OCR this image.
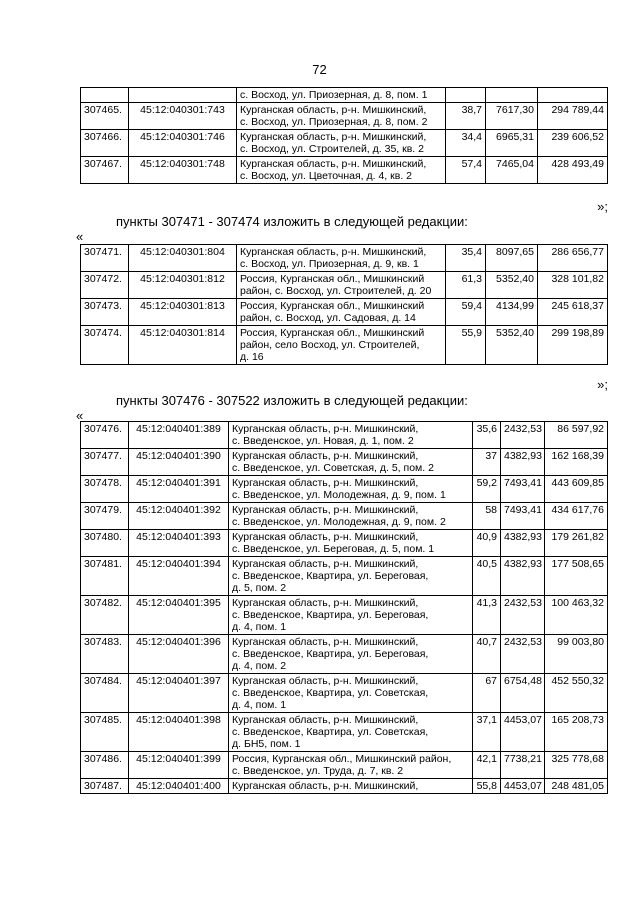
72

		с. Восход, ул. Приозерная, д. 8, пом. 1			

307465.	45:12:040301:743	Курганская область, р-н. Мишкинский,
с. Восход, ул. Приозерная, д. 8, пом. 2	38,7	7617,30	294 789,44
307466.	45:12:040301:746	Курганская область, р-н. Мишкинский,
с. Восход, ул. Строителей, д. 35, кв. 2	34,4	6965,31	239 606,52
307467.	45:12:040301:748	Курганская область, р-н. Мишкинский,
с. Восход, ул. Цветочная, д. 4, кв. 2	57,4	7465,04	428 493,49
»;
пункты 307471 - 307474 изложить в следующей редакции:
«
307471.	45:12:040301:804	Курганская область, р-н. Мишкинский,
с. Восход, ул. Приозерная, д. 9, кв. 1	35,4	8097,65	286 656,77
307472.	45:12:040301:812	Россия, Курганская обл., Мишкинский
район, с. Восход, ул. Строителей, д. 20	61,3	5352,40	328 101,82
307473.	45:12:040301:813	Россия, Курганская обл., Мишкинский
район, с. Восход, ул. Садовая, д. 14	59,4	4134,99	245 618,37
307474.	45:12:040301:814	Россия, Курганская обл., Мишкинский
район, село Восход, ул. Строителей,
д. 16	55,9	5352,40	299 198,89
»;
пункты 307476 - 307522 изложить в следующей редакции:
«
307476.	45:12:040401:389	Курганская область, р-н. Мишкинский,
с. Введенское, ул. Новая, д. 1, пом. 2	35,6	2432,53	86 597,92
307477.	45:12:040401:390	Курганская область, р-н. Мишкинский,
с. Введенское, ул. Советская, д. 5, пом. 2	37	4382,93	162 168,39
307478.	45:12:040401:391	Курганская область, р-н. Мишкинский,
с. Введенское, ул. Молодежная, д. 9, пом. 1	59,2	7493,41	443 609,85
307479.	45:12:040401:392	Курганская область, р-н. Мишкинский,
с. Введенское, ул. Молодежная, д. 9, пом. 2	58	7493,41	434 617,76
307480.	45:12:040401:393	Курганская область, р-н. Мишкинский,
с. Введенское, ул. Береговая, д. 5, пом. 1	40,9	4382,93	179 261,82
307481.	45:12:040401:394	Курганская область, р-н. Мишкинский,
с. Введенское, Квартира, ул. Береговая,
д. 5, пом. 2	40,5	4382,93	177 508,65
307482.	45:12:040401:395	Курганская область, р-н. Мишкинский,
с. Введенское, Квартира, ул. Береговая,
д. 4, пом. 1	41,3	2432,53	100 463,32
307483.	45:12:040401:396	Курганская область, р-н. Мишкинский,
с. Введенское, Квартира, ул. Береговая,
д. 4, пом. 2	40,7	2432,53	99 003,80
307484.	45:12:040401:397	Курганская область, р-н. Мишкинский,
с. Введенское, Квартира, ул. Советская,
д. 4, пом. 1	67	6754,48	452 550,32
307485.	45:12:040401:398	Курганская область, р-н. Мишкинский,
с. Введенское, Квартира, ул. Советская,
д. БН5, пом. 1	37,1	4453,07	165 208,73
307486.	45:12:040401:399	Россия, Курганская обл., Мишкинский район,
с. Введенское, ул. Труда, д. 7, кв. 2	42,1	7738,21	325 778,68
307487.	45:12:040401:400	Курганская область, р-н. Мишкинский,	55,8	4453,07	248 481,05
